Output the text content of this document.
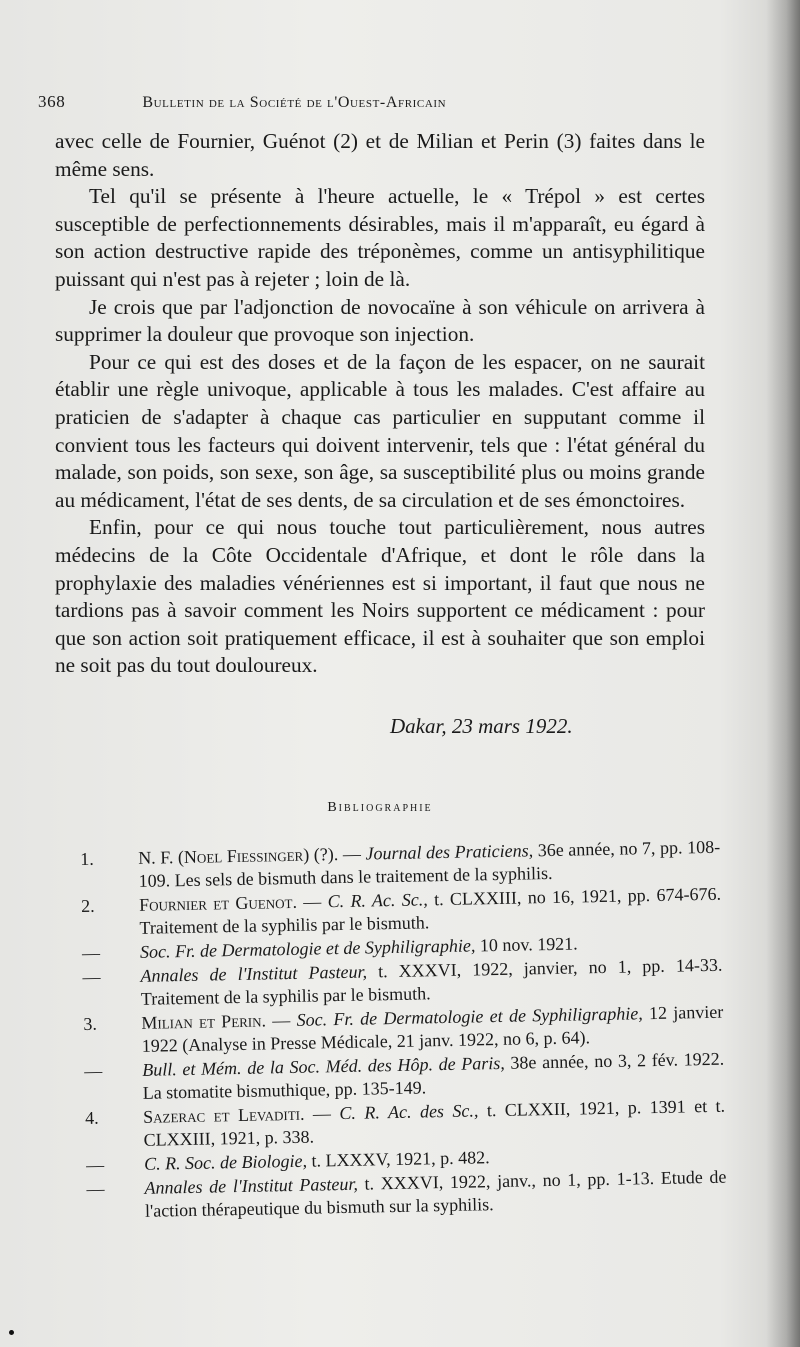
368	Bulletin de la Société de l'Ouest-Africain

avec celle de Fournier, Guénot (2) et de Milian et Perin (3) faites dans le même sens.

Tel qu'il se présente à l'heure actuelle, le « Trépol » est certes susceptible de perfectionnements désirables, mais il m'apparaît, eu égard à son action destructive rapide des tréponèmes, comme un antisyphilitique puissant qui n'est pas à rejeter ; loin de là.

Je crois que par l'adjonction de novocaïne à son véhicule on arrivera à supprimer la douleur que provoque son injection.

Pour ce qui est des doses et de la façon de les espacer, on ne saurait établir une règle univoque, applicable à tous les malades. C'est affaire au praticien de s'adapter à chaque cas particulier en supputant comme il convient tous les facteurs qui doivent intervenir, tels que : l'état général du malade, son poids, son sexe, son âge, sa susceptibilité plus ou moins grande au médicament, l'état de ses dents, de sa circulation et de ses émonctoires.

Enfin, pour ce qui nous touche tout particulièrement, nous autres médecins de la Côte Occidentale d'Afrique, et dont le rôle dans la prophylaxie des maladies vénériennes est si important, il faut que nous ne tardions pas à savoir comment les Noirs supportent ce médicament : pour que son action soit pratiquement efficace, il est à souhaiter que son emploi ne soit pas du tout douloureux.

Dakar, 23 mars 1922.
Bibliographie
1.	N. F. (Noel Fiessinger) (?). — Journal des Praticiens, 36e année, no 7, pp. 108-109. Les sels de bismuth dans le traitement de la syphilis.
2.	Fournier et Guenot. — C. R. Ac. Sc., t. CLXXIII, no 16, 1921, pp. 674-676. Traitement de la syphilis par le bismuth.
—	Soc. Fr. de Dermatologie et de Syphiligraphie, 10 nov. 1921.
—	Annales de l'Institut Pasteur, t. XXXVI, 1922, janvier, no 1, pp. 14-33. Traitement de la syphilis par le bismuth.
3.	Milian et Perin. — Soc. Fr. de Dermatologie et de Syphiligraphie, 12 janvier 1922 (Analyse in Presse Médicale, 21 janv. 1922, no 6, p. 64).
—	Bull. et Mém. de la Soc. Méd. des Hôp. de Paris, 38e année, no 3, 2 fév. 1922. La stomatite bismuthique, pp. 135-149.
4.	Sazerac et Levaditi. — C. R. Ac. des Sc., t. CLXXII, 1921, p. 1391 et t. CLXXIII, 1921, p. 338.
—	C. R. Soc. de Biologie, t. LXXXV, 1921, p. 482.
—	Annales de l'Institut Pasteur, t. XXXVI, 1922, janv., no 1, pp. 1-13. Etude de l'action thérapeutique du bismuth sur la syphilis.
